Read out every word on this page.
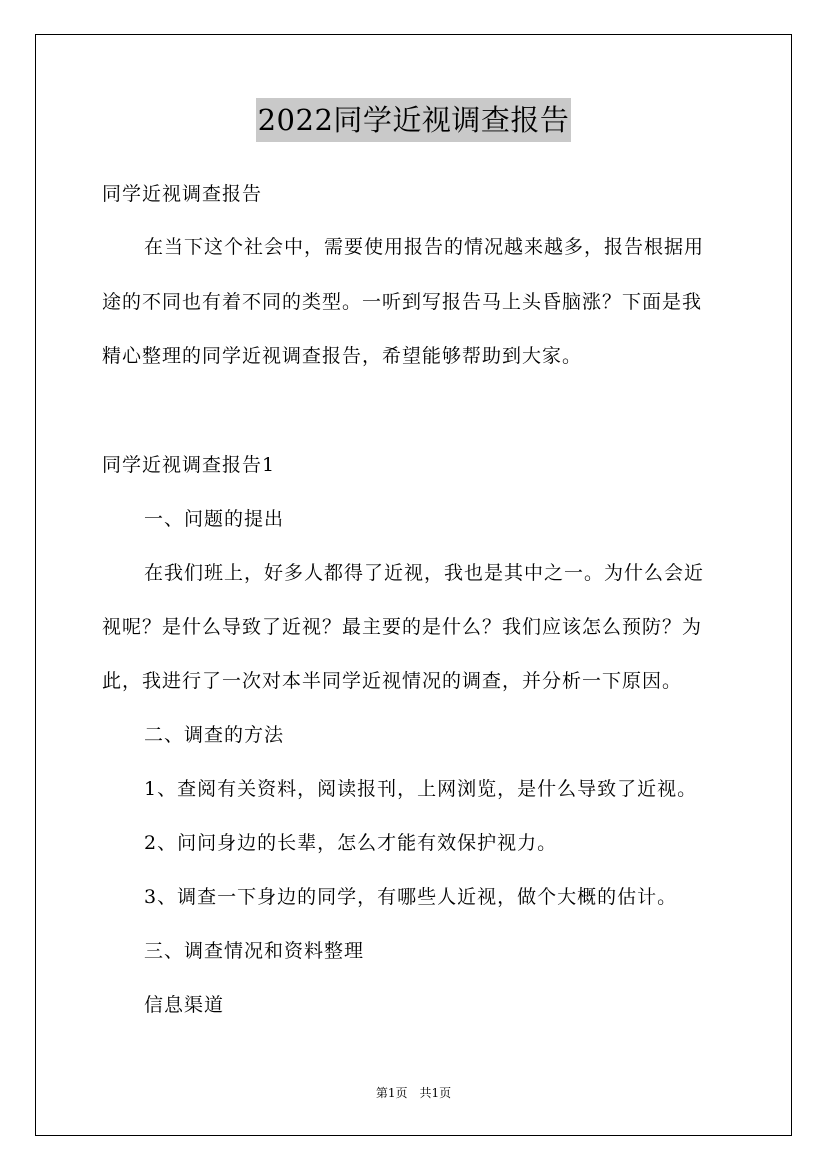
2022同学近视调查报告

同学近视调查报告

在当下这个社会中，需要使用报告的情况越来越多，报告根据用

途的不同也有着不同的类型。一听到写报告马上头昏脑涨？下面是我

精心整理的同学近视调查报告，希望能够帮助到大家。

同学近视调查报告1

一、问题的提出

在我们班上，好多人都得了近视，我也是其中之一。为什么会近

视呢？是什么导致了近视？最主要的是什么？我们应该怎么预防？为

此，我进行了一次对本半同学近视情况的调查，并分析一下原因。

二、调查的方法

1、查阅有关资料，阅读报刊，上网浏览，是什么导致了近视。

2、问问身边的长辈，怎么才能有效保护视力。

3、调查一下身边的同学，有哪些人近视，做个大概的估计。

三、调查情况和资料整理

信息渠道

第1页　共1页
